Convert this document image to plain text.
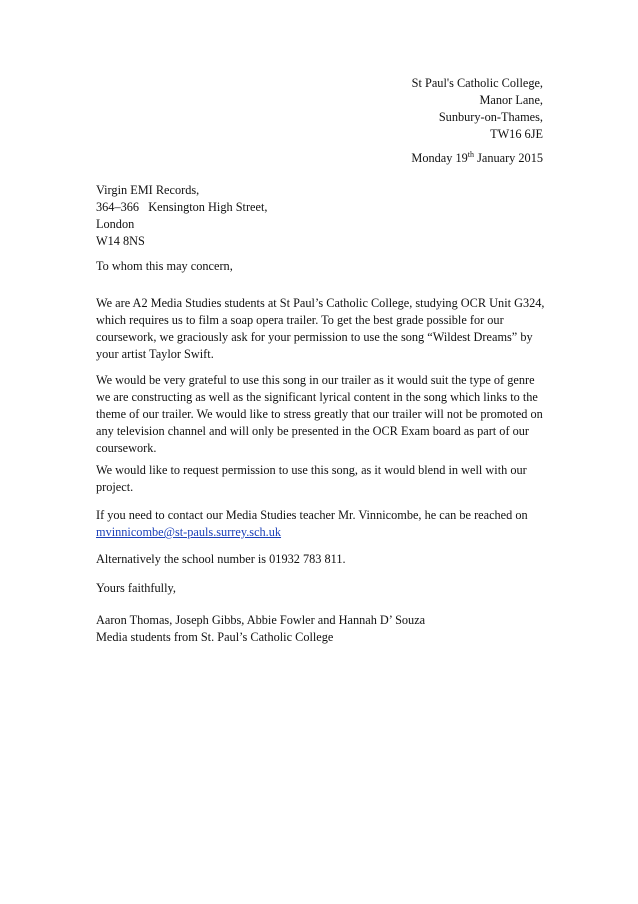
St Paul's Catholic College,
Manor Lane,
Sunbury-on-Thames,
TW16 6JE
Monday 19th January 2015
Virgin EMI Records,
364–366   Kensington High Street,
London
W14 8NS
To whom this may concern,

We are A2 Media Studies students at St Paul’s Catholic College, studying OCR Unit G324, which requires us to film a soap opera trailer. To get the best grade possible for our coursework, we graciously ask for your permission to use the song “Wildest Dreams” by your artist Taylor Swift.

We would be very grateful to use this song in our trailer as it would suit the type of genre we are constructing as well as the significant lyrical content in the song which links to the theme of our trailer. We would like to stress greatly that our trailer will not be promoted on any television channel and will only be presented in the OCR Exam board as part of our coursework.

We would like to request permission to use this song, as it would blend in well with our project.

If you need to contact our Media Studies teacher Mr. Vinnicombe, he can be reached on mvinnicombe@st-pauls.surrey.sch.uk

Alternatively the school number is 01932 783 811.

Yours faithfully,

Aaron Thomas, Joseph Gibbs, Abbie Fowler and Hannah D’ Souza

Media students from St. Paul’s Catholic College
